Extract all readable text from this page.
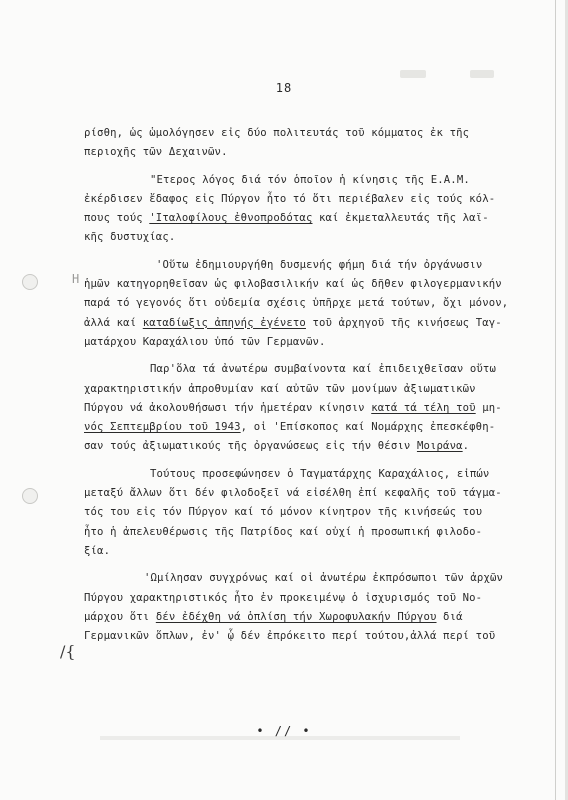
18
H
/{
ρίσθη, ὡς ὡμολόγησεν εἰς δύο πολιτευτάς τοῦ κόμματος ἐκ τῆς
περιοχῆς τῶν Δεχαινῶν.
"Ετερος λόγος διά τόν ὁποῖον ἡ κίνησις τῆς Ε.Α.Μ.
ἐκέρδισεν ἔδαφος εἰς Πύργον ἦτο τό ὅτι περιέβαλεν εἰς τούς κόλ-
πους τούς 'Ιταλοφίλους ἐθνοπροδότας καί ἐκμεταλλευτάς τῆς λαϊ-
κῆς δυστυχίας.
'Οὕτω ἐδημιουργήθη δυσμενής φήμη διά τήν ὀργάνωσιν
ἡμῶν κατηγορηθεῖσαν ὡς φιλοβασιλικήν καί ὡς δῆθεν φιλογερμανικήν
παρά τό γεγονός ὅτι οὐδεμία σχέσις ὑπῆρχε μετά τούτων, ὄχι μόνον,
ἀλλά καί καταδίωξις ἀπηνής ἐγένετο τοῦ ἀρχηγοῦ τῆς κινήσεως Ταγ-
ματάρχου Καραχάλιου ὑπό τῶν Γερμανῶν.
Παρ'ὅλα τά ἀνωτέρω συμβαίνοντα καί ἐπιδειχθεῖσαν οὕτω
χαρακτηριστικήν ἀπροθυμίαν καί αὐτῶν τῶν μονίμων ἀξιωματικῶν
Πύργου νά ἀκολουθήσωσι τήν ἡμετέραν κίνησιν κατά τά τέλη τοῦ μη-
νός Σεπτεμβρίου τοῦ 1943, οἱ 'Επίσκοπος καί Νομάρχης ἐπεσκέφθη-
σαν τούς ἀξιωματικούς τῆς ὀργανώσεως εἰς τήν θέσιν Μοιράνα.
Τούτους προσεφώνησεν ὁ Ταγματάρχης Καραχάλιος, εἰπών
μεταξύ ἄλλων ὅτι δέν φιλοδοξεῖ νά εἰσέλθη ἐπί κεφαλῆς τοῦ τάγμα-
τός του εἰς τόν Πύργον καί τό μόνον κίνητρον τῆς κινήσεώς του
ἦτο ἡ ἀπελευθέρωσις τῆς Πατρίδος καί οὐχί ἡ προσωπική φιλοδο-
ξία.
'Ωμίλησαν συγχρόνως καί οἱ ἀνωτέρω ἐκπρόσωποι τῶν ἀρχῶν
Πύργου χαρακτηριστικός ἦτο ἐν προκειμένῳ ὁ ἰσχυρισμός τοῦ Νο-
μάρχου ὅτι δέν ἐδέχθη νά ὁπλίση τήν Χωροφυλακήν Πύργου διά
Γερμανικῶν ὅπλων, ἐν' ᾧ δέν ἐπρόκειτο περί τούτου,ἀλλά περί τοῦ
• // •
